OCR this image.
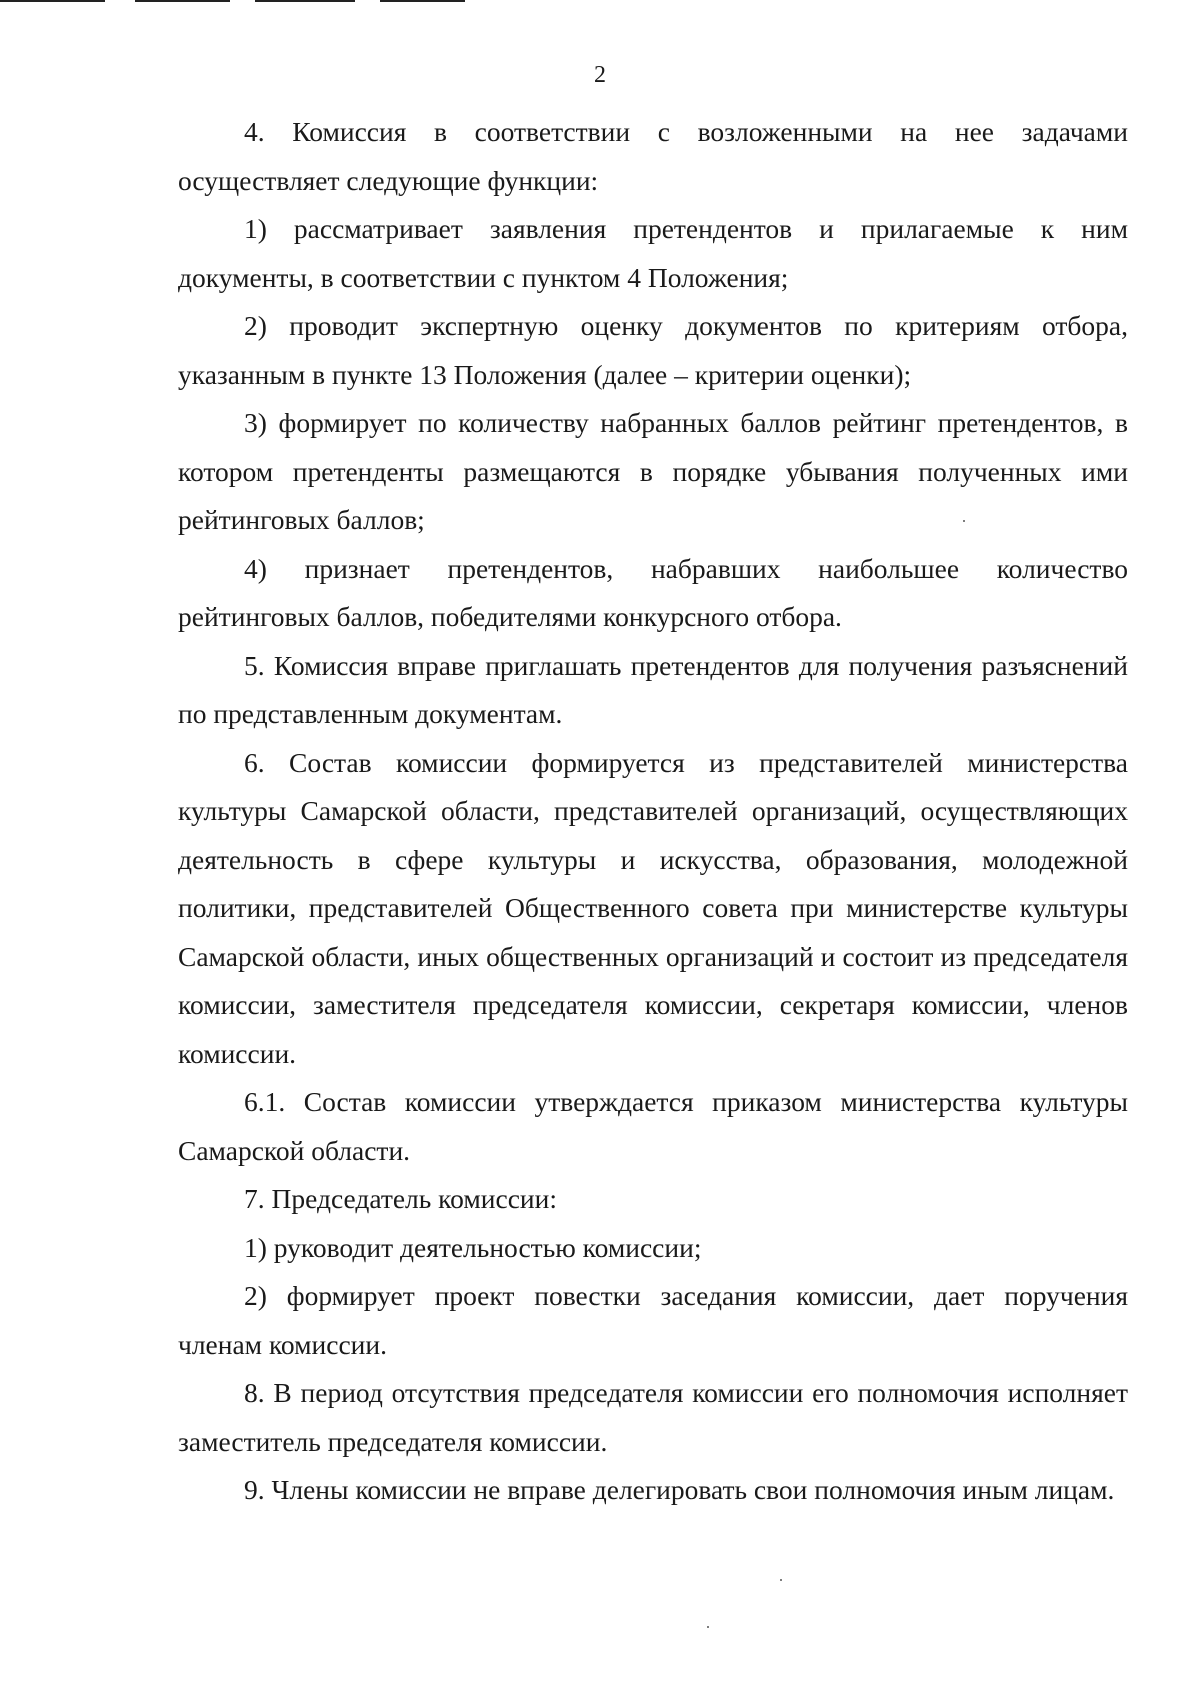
2

4. Комиссия в соответствии с возложенными на нее задачами осуществляет следующие функции:

1) рассматривает заявления претендентов и прилагаемые к ним документы, в соответствии с пунктом 4 Положения;

2) проводит экспертную оценку документов по критериям отбора, указанным в пункте 13 Положения (далее – критерии оценки);

3) формирует по количеству набранных баллов рейтинг претендентов, в котором претенденты размещаются в порядке убывания полученных ими рейтинговых баллов;

4) признает претендентов, набравших наибольшее количество рейтинговых баллов, победителями конкурсного отбора.

5. Комиссия вправе приглашать претендентов для получения разъяснений по представленным документам.

6. Состав комиссии формируется из представителей министерства культуры Самарской области, представителей организаций, осуществляющих деятельность в сфере культуры и искусства, образования, молодежной политики, представителей Общественного совета при министерстве культуры Самарской области, иных общественных организаций и состоит из председателя комиссии, заместителя председателя комиссии, секретаря комиссии, членов комиссии.

6.1. Состав комиссии утверждается приказом министерства культуры Самарской области.

7. Председатель комиссии:

1) руководит деятельностью комиссии;

2) формирует проект повестки заседания комиссии, дает поручения членам комиссии.

8. В период отсутствия председателя комиссии его полномочия исполняет заместитель председателя комиссии.

9. Члены комиссии не вправе делегировать свои полномочия иным лицам.
